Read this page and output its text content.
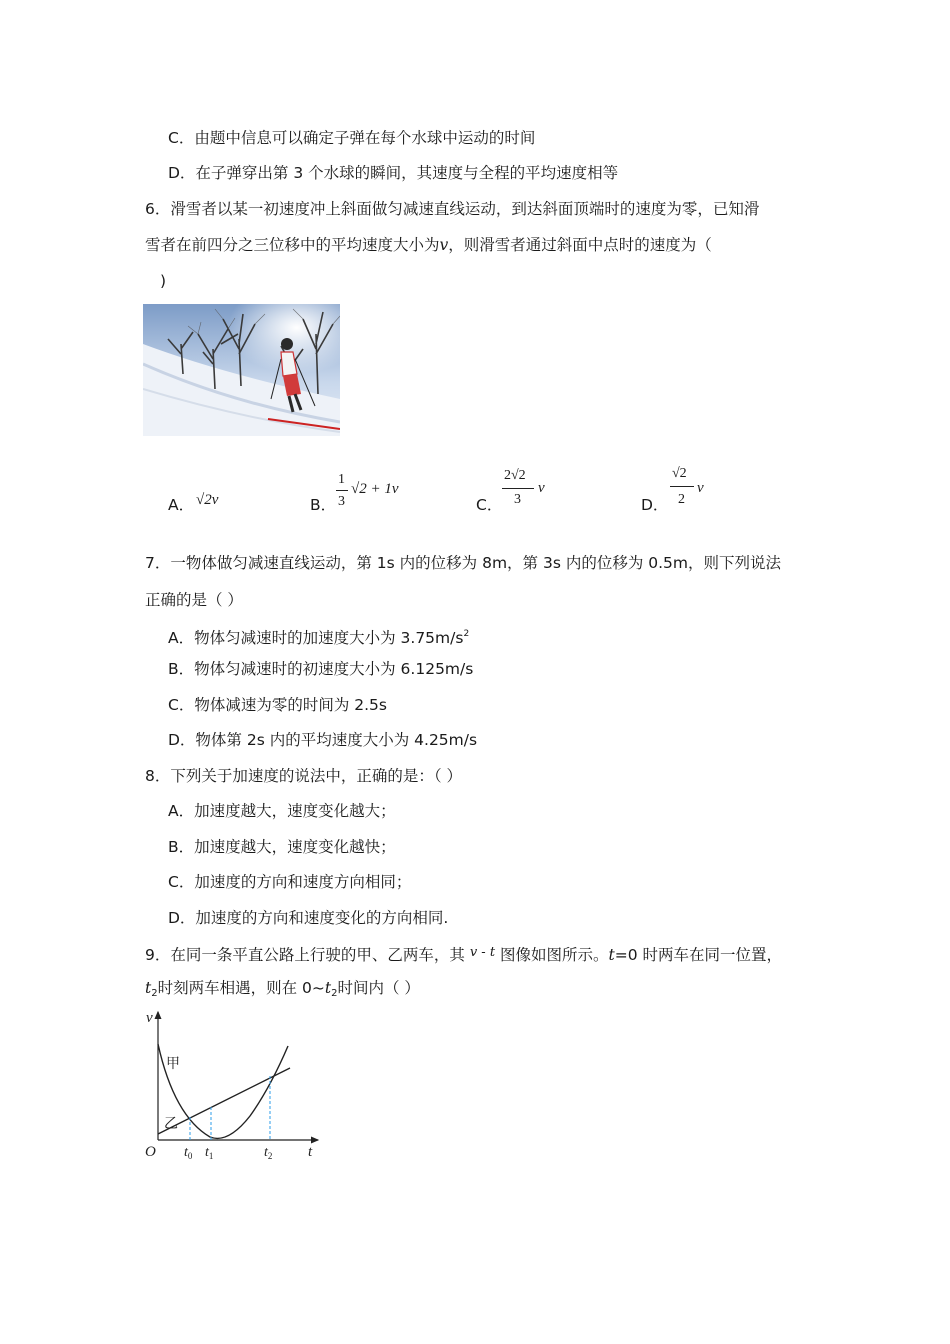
C．由题中信息可以确定子弹在每个水球中运动的时间
D．在子弹穿出第 3 个水球的瞬间，其速度与全程的平均速度相等
6．滑雪者以某一初速度冲上斜面做匀减速直线运动，到达斜面顶端时的速度为零，已知滑
雪者在前四分之三位移中的平均速度大小为v，则滑雪者通过斜面中点时的速度为（
)
A． √2v	B．
1
3
√2 + 1v
C．
2√2
3
v
D．
√2
2
v
7．一物体做匀减速直线运动，第 1s 内的位移为 8m，第 3s 内的位移为 0.5m，则下列说法
正确的是（ ）
A．物体匀减速时的加速度大小为 $3.75m/s^2$
B．物体匀减速时的初速度大小为 6.125m/s
C．物体减速为零的时间为 2.5s
D．物体第 2s 内的平均速度大小为 4.25m/s
8．下列关于加速度的说法中，正确的是：（ ）
A．加速度越大，速度变化越大；
B．加速度越大，速度变化越快；
C．加速度的方向和速度方向相同；
D．加速度的方向和速度变化的方向相同.
9．在同一条平直公路上行驶的甲、乙两车，其 $^{v - t}$ 图像如图所示。t=0 时两车在同一位置，
$t_2$时刻两车相遇，则在 $0\sim t_2$时间内（ ）
v
t
O
甲
乙
$t_0$ $t_1$	$t_2$
